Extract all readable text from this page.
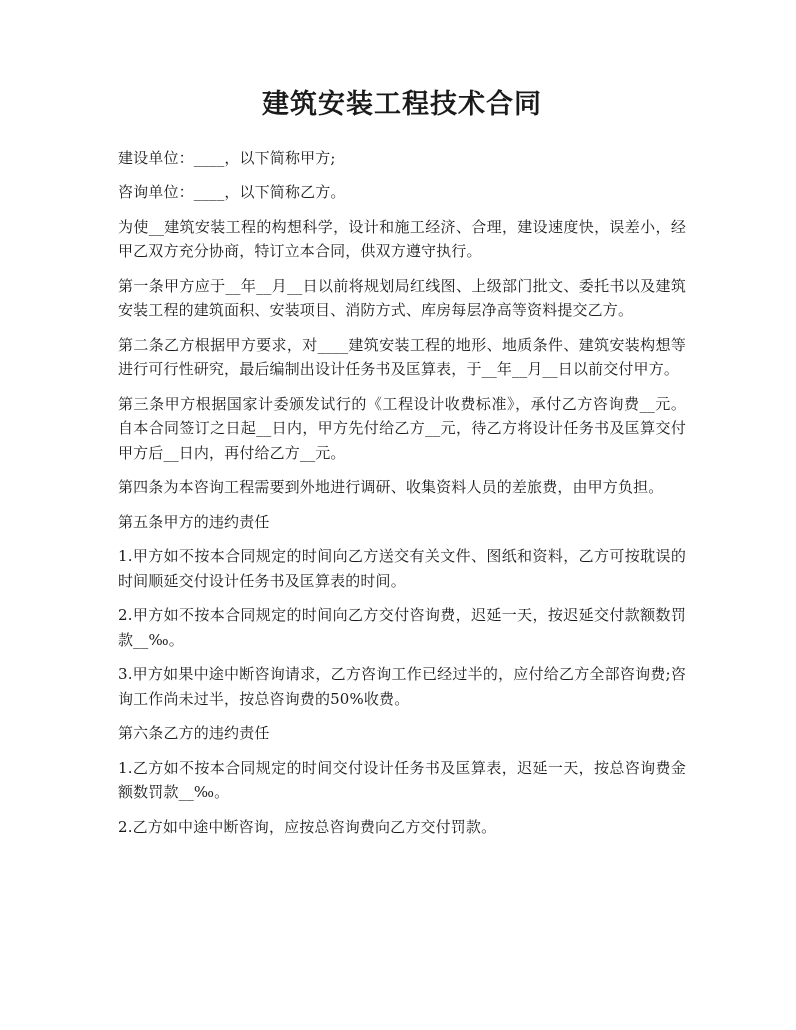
建筑安装工程技术合同

建设单位：____，以下简称甲方;

咨询单位：____，以下简称乙方。

为使__建筑安装工程的构想科学，设计和施工经济、合理，建设速度快，误差小，经甲乙双方充分协商，特订立本合同，供双方遵守执行。

第一条甲方应于__年__月__日以前将规划局红线图、上级部门批文、委托书以及建筑安装工程的建筑面积、安装项目、消防方式、库房每层净高等资料提交乙方。

第二条乙方根据甲方要求，对____建筑安装工程的地形、地质条件、建筑安装构想等进行可行性研究，最后编制出设计任务书及匡算表，于__年__月__日以前交付甲方。

第三条甲方根据国家计委颁发试行的《工程设计收费标准》，承付乙方咨询费__元。自本合同签订之日起__日内，甲方先付给乙方__元，待乙方将设计任务书及匡算交付甲方后__日内，再付给乙方__元。

第四条为本咨询工程需要到外地进行调研、收集资料人员的差旅费，由甲方负担。

第五条甲方的违约责任

1.甲方如不按本合同规定的时间向乙方送交有关文件、图纸和资料，乙方可按耽误的时间顺延交付设计任务书及匡算表的时间。

2.甲方如不按本合同规定的时间向乙方交付咨询费，迟延一天，按迟延交付款额数罚款__‰。

3.甲方如果中途中断咨询请求，乙方咨询工作已经过半的，应付给乙方全部咨询费;咨询工作尚未过半，按总咨询费的50%收费。

第六条乙方的违约责任

1.乙方如不按本合同规定的时间交付设计任务书及匡算表，迟延一天，按总咨询费金额数罚款__‰。

2.乙方如中途中断咨询，应按总咨询费向乙方交付罚款。
